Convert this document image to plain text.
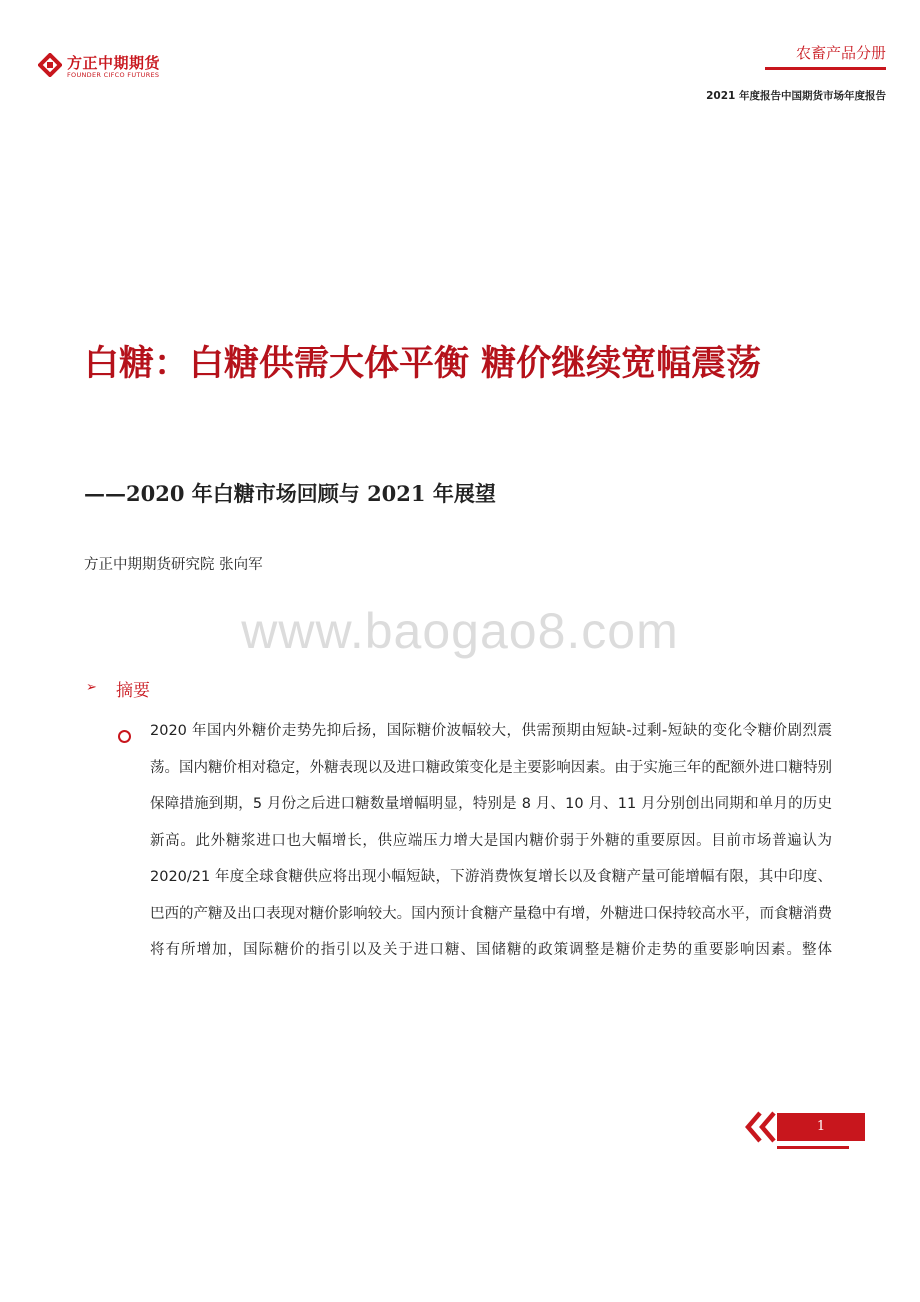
方正中期期货
FOUNDER CIFCO FUTURES
农畜产品分册
2021 年度报告中国期货市场年度报告
白糖：白糖供需大体平衡 糖价继续宽幅震荡
——2020 年白糖市场回顾与 2021 年展望
方正中期期货研究院 张向军
www.baogao8.com
➢ 摘要

2020 年国内外糖价走势先抑后扬，国际糖价波幅较大，供需预期由短缺-过剩-短缺的变化令糖价剧烈震荡。国内糖价相对稳定，外糖表现以及进口糖政策变化是主要影响因素。由于实施三年的配额外进口糖特别保障措施到期，5 月份之后进口糖数量增幅明显，特别是 8 月、10 月、11 月分别创出同期和单月的历史新高。此外糖浆进口也大幅增长，供应端压力增大是国内糖价弱于外糖的重要原因。目前市场普遍认为 2020/21 年度全球食糖供应将出现小幅短缺，下游消费恢复增长以及食糖产量可能增幅有限，其中印度、巴西的产糖及出口表现对糖价影响较大。国内预计食糖产量稳中有增，外糖进口保持较高水平，而食糖消费将有所增加，国际糖价的指引以及关于进口糖、国储糖的政策调整是糖价走势的重要影响因素。整体

1
